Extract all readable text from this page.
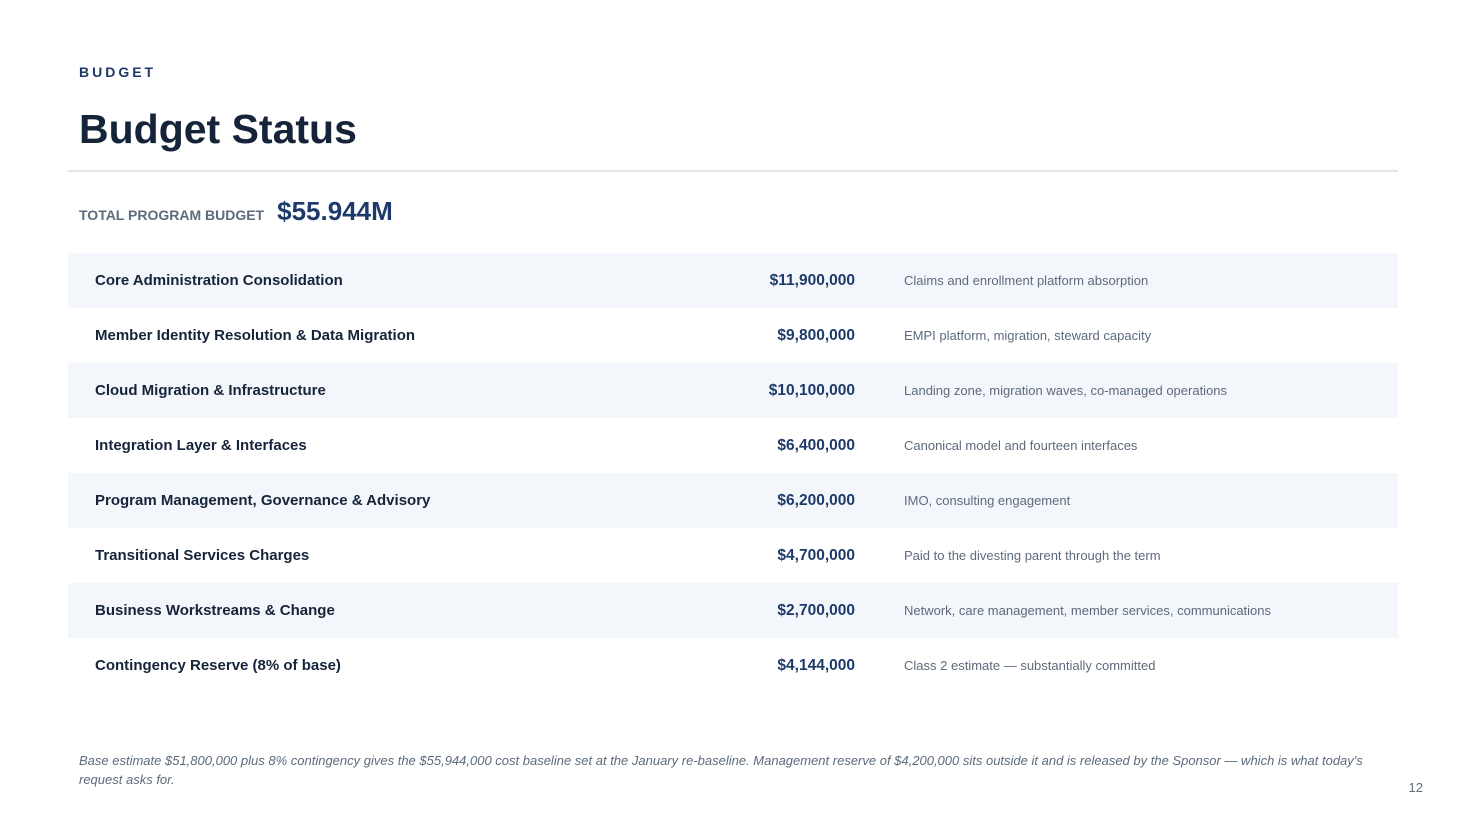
BUDGET
Budget Status
TOTAL PROGRAM BUDGET $55.944M
Core Administration Consolidation	$11,900,000	Claims and enrollment platform absorption
Member Identity Resolution & Data Migration	$9,800,000	EMPI platform, migration, steward capacity
Cloud Migration & Infrastructure	$10,100,000	Landing zone, migration waves, co-managed operations
Integration Layer & Interfaces	$6,400,000	Canonical model and fourteen interfaces
Program Management, Governance & Advisory	$6,200,000	IMO, consulting engagement
Transitional Services Charges	$4,700,000	Paid to the divesting parent through the term
Business Workstreams & Change	$2,700,000	Network, care management, member services, communications
Contingency Reserve (8% of base)	$4,144,000	Class 2 estimate — substantially committed
Base estimate $51,800,000 plus 8% contingency gives the $55,944,000 cost baseline set at the January re-baseline. Management reserve of $4,200,000 sits outside it and is released by the Sponsor — which is what today's request asks for.
12
